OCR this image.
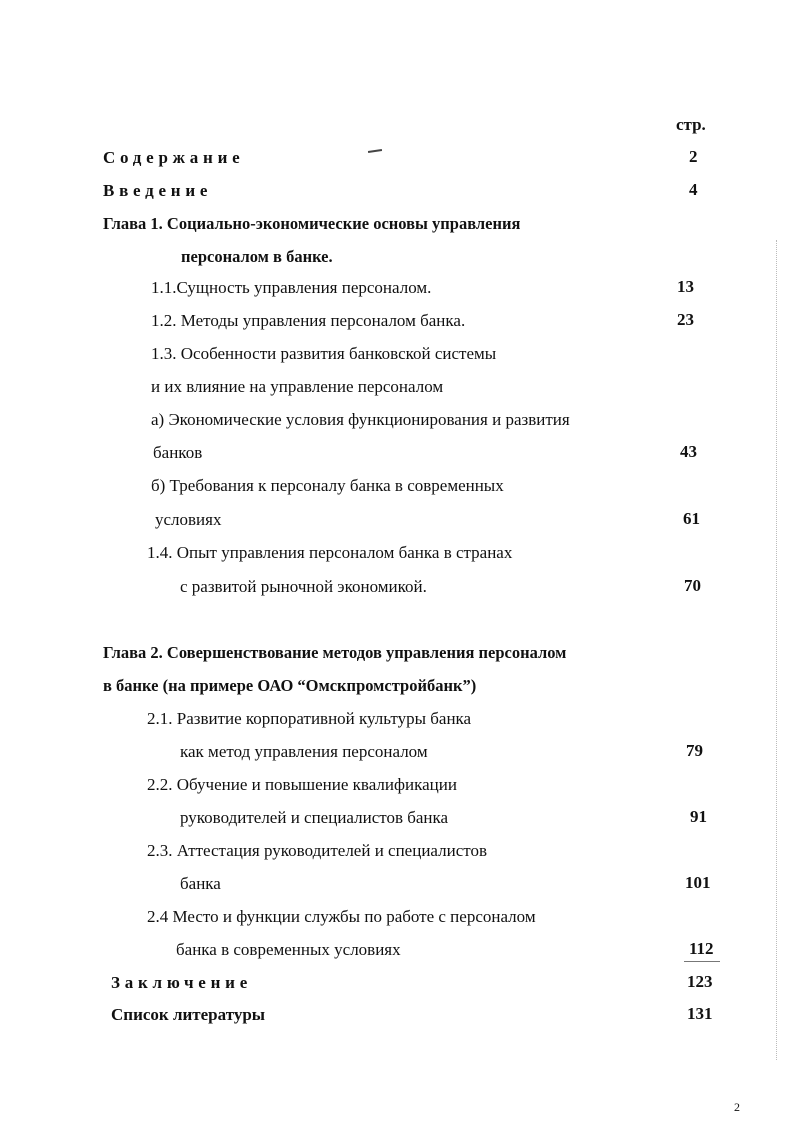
стр.
Содержание	2
Введение	4
Глава 1. Социально-экономические основы управления
персоналом в банке.
1.1.Сущность управления персоналом.	13
1.2. Методы управления персоналом банка.	23
1.3. Особенности развития банковской системы
и их влияние на управление персоналом
а) Экономические условия функционирования и развития
банков	43
б) Требования к персоналу банка в современных
условиях	61
1.4. Опыт управления персоналом банка в странах
с развитой рыночной экономикой.	70
Глава 2. Совершенствование методов управления персоналом
в банке (на примере ОАО “Омскпромстройбанк”)
2.1. Развитие корпоративной культуры банка
как метод управления персоналом	79
2.2. Обучение и повышение квалификации
руководителей и специалистов банка	91
2.3. Аттестация руководителей и специалистов
банка	101
2.4 Место и функции службы по работе с персоналом
банка в современных условиях	112
Заключение	123
Список литературы	131
2
